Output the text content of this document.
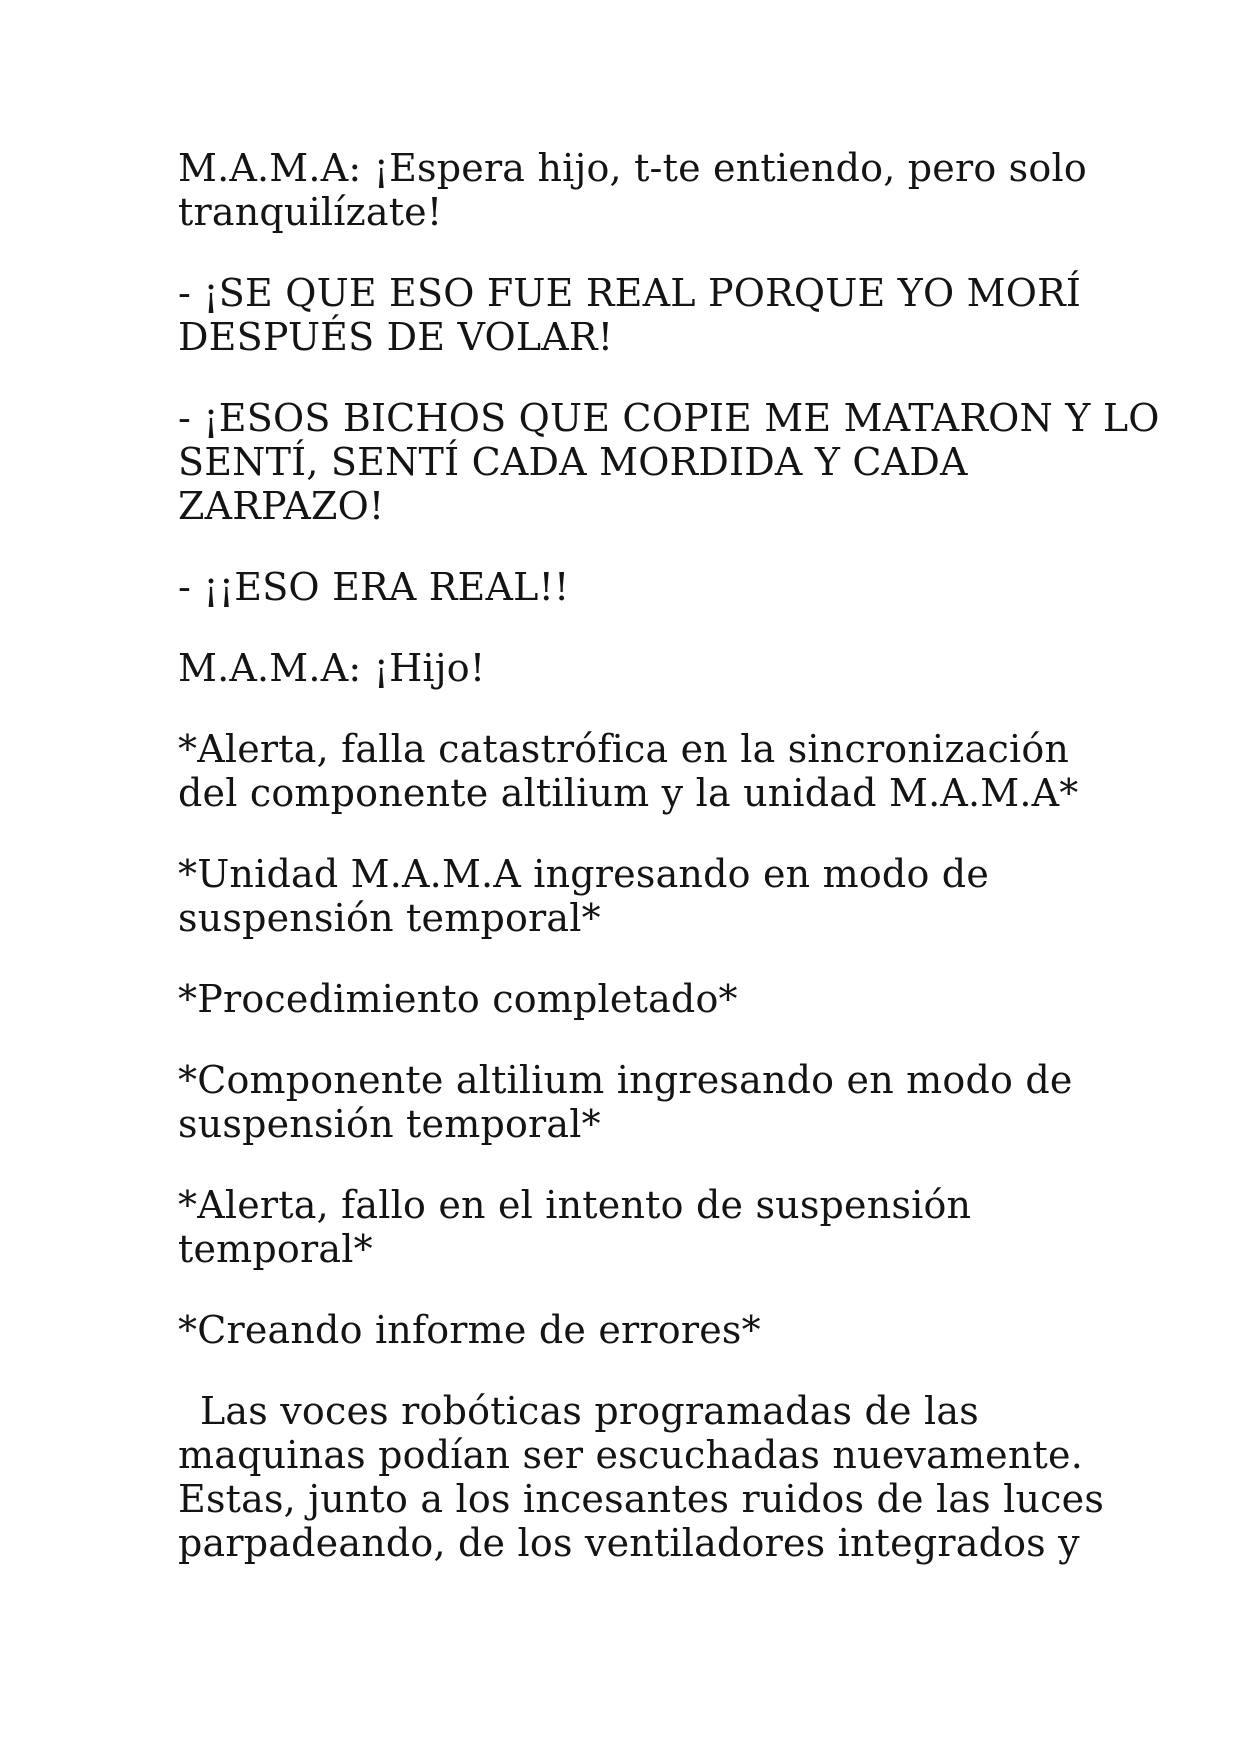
M.A.M.A: ¡Espera hijo, t-te entiendo, pero solo
tranquilízate!

- ¡SE QUE ESO FUE REAL PORQUE YO MORÍ
DESPUÉS DE VOLAR!

- ¡ESOS BICHOS QUE COPIE ME MATARON Y LO
SENTÍ, SENTÍ CADA MORDIDA Y CADA
ZARPAZO!

- ¡¡ESO ERA REAL!!

M.A.M.A: ¡Hijo!

*Alerta, falla catastrófica en la sincronización
del componente altilium y la unidad M.A.M.A*

*Unidad M.A.M.A ingresando en modo de
suspensión temporal*

*Procedimiento completado*

*Componente altilium ingresando en modo de
suspensión temporal*

*Alerta, fallo en el intento de suspensión
temporal*

*Creando informe de errores*

Las voces robóticas programadas de las
maquinas podían ser escuchadas nuevamente.
Estas, junto a los incesantes ruidos de las luces
parpadeando, de los ventiladores integrados y
